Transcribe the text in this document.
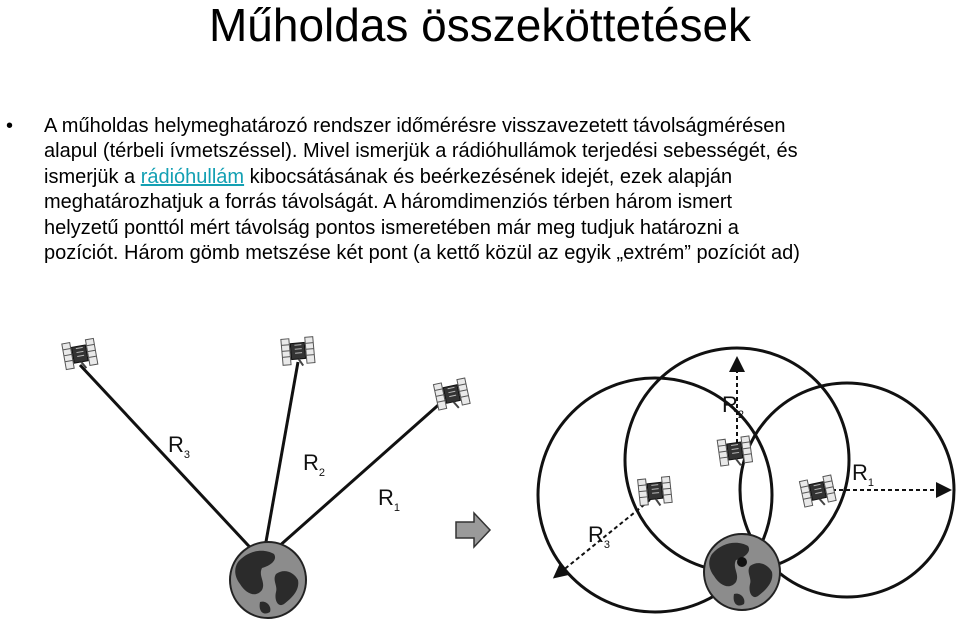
Műholdas összeköttetések
• A műholdas helymeghatározó rendszer időmérésre visszavezetett távolságmérésen
alapul (térbeli ívmetszéssel). Mivel ismerjük a rádióhullámok terjedési sebességét, és
ismerjük a rádióhullám kibocsátásának és beérkezésének idejét, ezek alapján
meghatározhatjuk a forrás távolságát. A háromdimenziós térben három ismert
helyzetű ponttól mért távolság pontos ismeretében már meg tudjuk határozni a
pozíciót. Három gömb metszése két pont (a kettő közül az egyik „extrém” pozíciót ad)
$R_3$	$R_2$
$R_1$
$R_2$
$R_1$
$R_3$
